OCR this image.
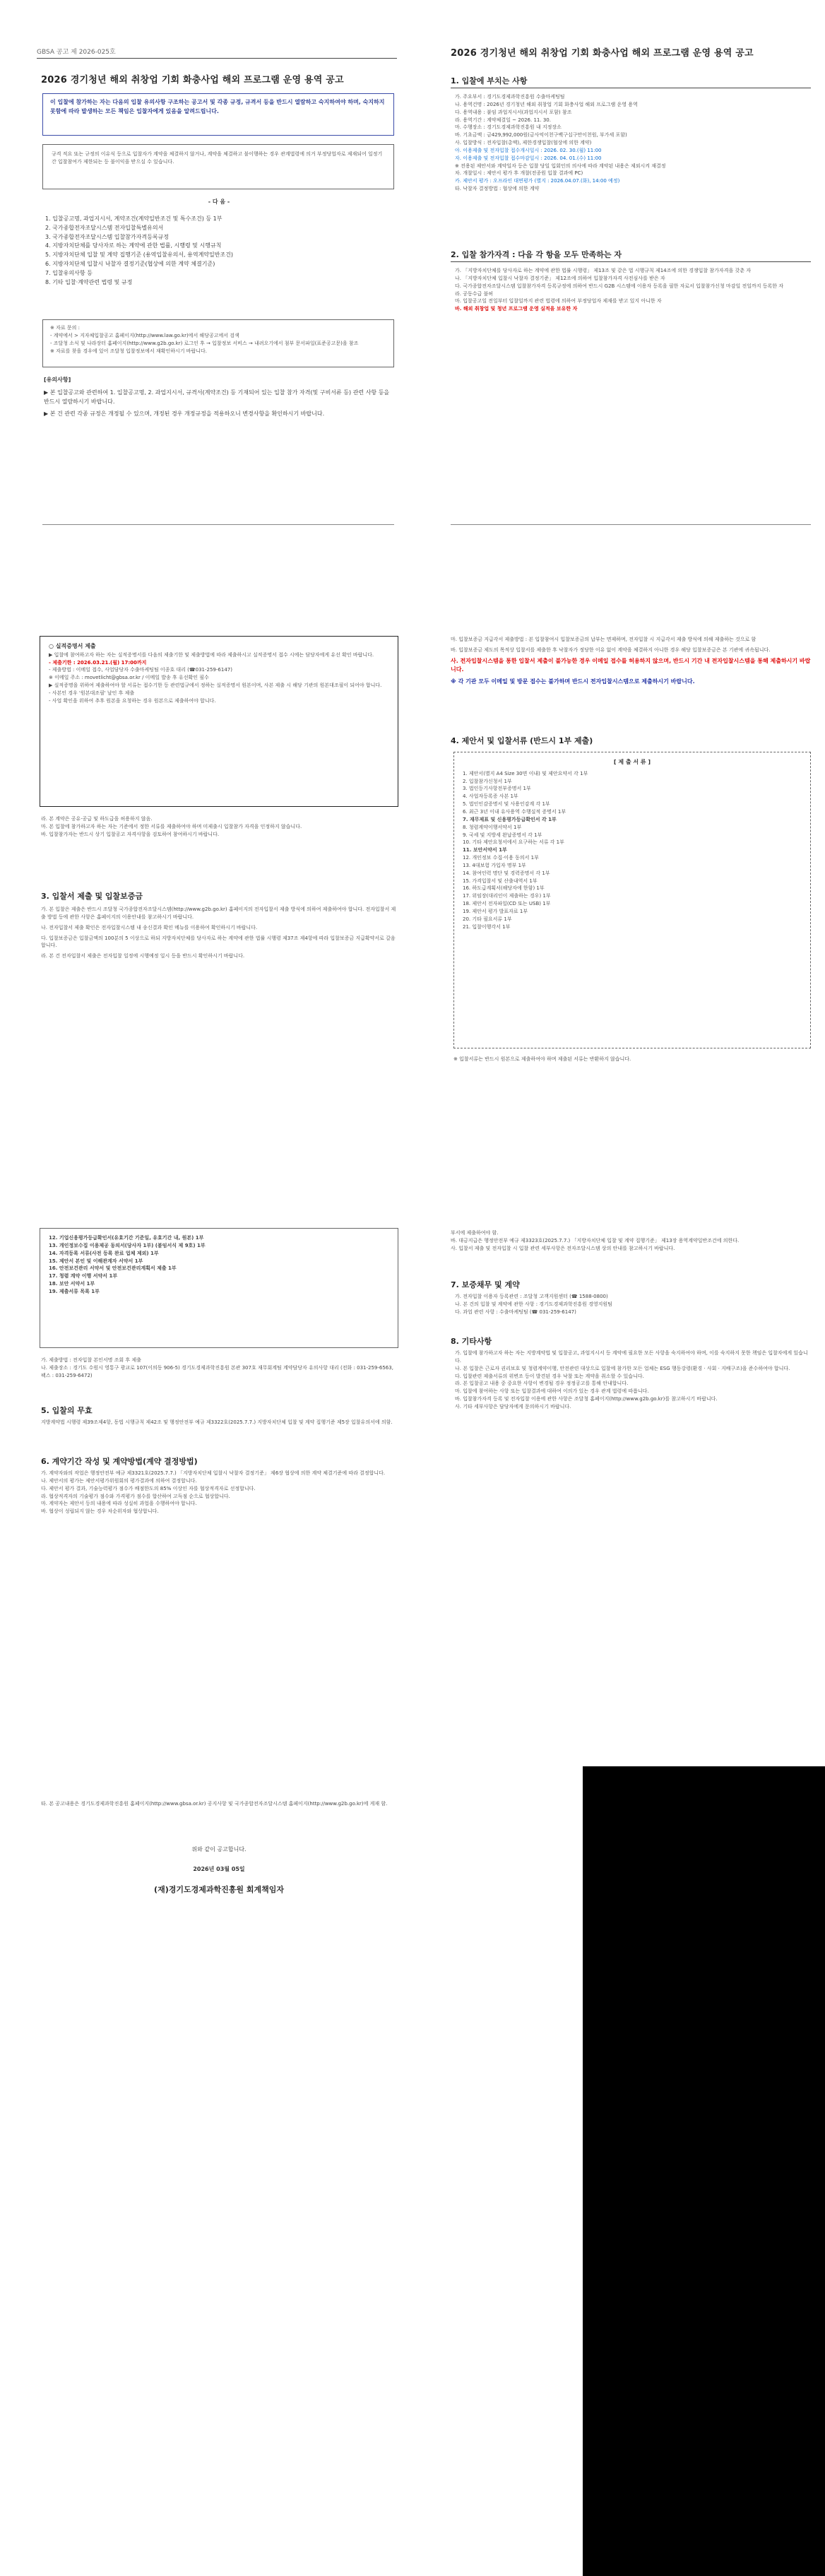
GBSA 공고 제 2026-025호
2026 경기청년 해외 취창업 기회 화충사업 해외 프로그램 운영 용역 공고
이 입찰에 참가하는 자는 다음의 입찰 유의사항 구조하는 공고서 및 각종 규정, 규격서 등을 반드시 열람하고 숙지하여야 하며, 숙지하지 못함에 따라 발생하는 모든 책임은 입찰자에게 있음을 알려드립니다.
규격 적요 또는 규정의 이유식 등으로 입찰자가 계약을 체결하지 않거나, 계약을 체결하고 불이행하는 경우 관계법령에 의거 부정당업자로 제재되어 일정기간 입찰참여가 제한되는 등 불이익을 받으실 수 있습니다.
- 다 음 -
1. 입찰공고명, 과업지시서, 계약조건(계약일반조건 및 특수조건) 등 1부
2. 국가종합전자조달시스템 전자입찰특별유의서
3. 국가종합전자조달시스템 입찰참가자격등록규정
4. 지방자치단체를 당사자로 하는 계약에 관한 법률, 시행령 및 시행규칙
5. 지방자치단체 입찰 및 계약 집행기준 (용역입찰유의서, 용역계약일반조건)
6. 지방자치단체 입찰시 낙찰자 결정기준(협상에 의한 계약 체결기준)
7. 입찰유의사항 등
8. 기타 입찰·계약관련 법령 및 규정
※ 자료 문의 :
- 계약에서 > 지자체입찰공고 홈페이지(http://www.law.go.kr)에서 해당공고에서 검색
- 조달청 소식 및 나라장터 홈페이지(http://www.g2b.go.kr) 로그인 후 → 입찰정보 서비스 → 내려오기에서 첨부 문서파일(표준공고문)을 참조
※ 자료를 찾을 경우에 있어 조달청 입찰정보에서 재확인하시기 바랍니다.
[유의사항]
▶ 본 입찰공고와 관련하여 1. 입찰공고명, 2. 과업지시서, 규격서(계약조건) 등 기재되어 있는 입찰 참가 자격(및 구비서류 등) 관련 사항 등을 반드시 열람하시기 바랍니다.
▶ 본 건 관련 각종 규정은 개정될 수 있으며, 개정된 경우 개정규정을 적용하오니 변경사항을 확인하시기 바랍니다.
2026 경기청년 해외 취창업 기회 화충사업 해외 프로그램 운영 용역 공고
1. 입찰에 부치는 사항
가. 주요부서 : 경기도경제과학진흥원 수출마케팅팀
나. 용역건명 : 2026년 경기청년 해외 취창업 기회 화충사업 해외 프로그램 운영 용역
다. 용역내용 : 붙임 과업지시서(과업지시서 포함) 참조
라. 용역기간 : 계약체결일 ~ 2026. 11. 30.
마. 수행장소 : 경기도경제과학진흥원 내 지정장소
바. 기초금액 : 금429,992,000원(금사억이천구백구십구만이천원, 부가세 포함)
사. 입찰방식 : 전자입찰(총액), 제한경쟁입찰(협상에 의한 계약)
아. 이용제출 및 전자입찰 접수개시일시 : 2026. 02. 30.(월) 11:00
자. 이용제출 및 전자입찰 접수마감일시 : 2026. 04. 01.(수) 11:00
※ 전용된 제안서와 계약일자 등은 입찰 당일 입회인의 의사에 따라 계약된 내용은 제외시켜 재결정
차. 개찰일시 : 제안서 평가 후 개찰(전종원 입찰 결과에 PC)
카. 제안서 평가 : 오프라인 대면평가 (별지 : 2026.04.07.(화), 14:00 예정)
타. 낙찰자 결정방법 : 협상에 의한 계약
2. 입찰 참가자격 : 다음 각 항을 모두 만족하는 자
가. 「지방자치단체를 당사자로 하는 계약에 관한 법률 시행령」 제13조 및 같은 법 시행규칙 제14조에 의한 경쟁입찰 참가자격을 갖춘 자
나. 「지방자치단체 입찰시 낙찰자 결정기준」 제12조에 의하여 입찰참가자격 사전심사를 받은 자
다. 국가종합전자조달시스템 입찰참가자격 등록규정에 의하여 반드시 G2B 시스템에 이용자 등록을 필한 자로서 입찰참가신청 마감일 전일까지 등록한 자
라. 공동수급 불허
마. 입찰공고일 전일부터 입찰일까지 관련 법령에 의하여 부정당업자 제재를 받고 있지 아니한 자
바. 해외 취창업 및 청년 프로그램 운영 실적을 보유한 자
○ 실적증명서 제출
▶ 입찰에 참여하고자 하는 자는 실적증명서를 다음의 제출기한 및 제출방법에 따라 제출하시고 실적증명서 접수 시에는 담당자에게 유선 확인 바랍니다.
- 제출기한 : 2026.03.21.(월) 17:00까지
- 제출방법 : 이메일 접수, 사업담당자 수출마케팅팀 이종호 대리 (☎031-259-6147)
※ 이메일 주소 : movetlicht@gbsa.or.kr / 이메일 발송 후 유선확인 필수
▶ 실적증명을 위하여 제출하여야 할 서류는 접수기한 등 관련법규에서 정하는 실적증명서 원본이며, 사본 제출 시 해당 기관의 원본대조필이 되어야 합니다.
- 사본인 경우 '원본대조필' 날인 후 제출
- 사업 확인을 위하여 추후 원본을 요청하는 경우 원본으로 제출하여야 합니다.
라. 본 계약은 공유·공급 및 하도급을 허용하지 않음.
마. 본 입찰에 참가하고자 하는 자는 기준에서 정한 서류를 제출하여야 하며 미제출시 입찰참가 자격을 인정하지 않습니다.
바. 입찰참가자는 반드시 상기 입찰공고 자격사항을 검토하여 참여하시기 바랍니다.
3. 입찰서 제출 및 입찰보증금
가. 본 입찰은 제출은 반드시 조달청 국가종합전자조달시스템(http://www.g2b.go.kr) 홈페이지의 전자입찰서 제출 방식에 의하여 제출하여야 합니다. 전자입찰서 제출 방법 등에 관한 사항은 홈페이지의 이용안내를 참고하시기 바랍니다.
나. 전자입찰서 제출 확인은 전자입찰시스템 내 송신결과 확인 메뉴를 이용하여 확인하시기 바랍니다.
다. 입찰보증금은 입찰금액의 100분의 5 이상으로 하되 지방자치단체를 당사자로 하는 계약에 관한 법률 시행령 제37조 제4항에 따라 입찰보증금 지급확약서로 갈음합니다.
라. 본 건 전자입찰서 제출은 전자입찰 일정에 시행예정 일시 등을 반드시 확인하시기 바랍니다.
마. 입찰보증금 지급각서 제출방법 : 본 입찰참여시 입찰보증금의 납부는 면제하며, 전자입찰 시 지급각서 제출 방식에 의해 제출하는 것으로 함
바. 입찰보증금 제도의 목적상 입찰서를 제출한 후 낙찰자가 정당한 이유 없이 계약을 체결하지 아니한 경우 해당 입찰보증금은 본 기관에 귀속됩니다.
사. 전자입찰시스템을 통한 입찰서 제출이 불가능한 경우 이메일 접수를 허용하지 않으며, 반드시 기간 내 전자입찰시스템을 통해 제출하시기 바랍니다.
※ 각 기관 모두 이메일 및 방문 접수는 불가하며 반드시 전자입찰시스템으로 제출하시기 바랍니다.
4. 제안서 및 입찰서류 (반드시 1부 제출)
[ 제 출 서 류 ]
1. 제안서(별지 A4 Size 30면 이내) 및 제안요약서 각 1부
2. 입찰참가신청서 1부
3. 법인등기사항전부증명서 1부
4. 사업자등록증 사본 1부
5. 법인인감증명서 및 사용인감계 각 1부
6. 최근 3년 이내 유사용역 수행실적 증명서 1부
7. 재무제표 및 신용평가등급확인서 각 1부
8. 청렴계약이행서약서 1부
9. 국세 및 지방세 완납증명서 각 1부
10. 기타 제안요청서에서 요구하는 서류 각 1부
11. 보안서약서 1부
12. 개인정보 수집·이용 동의서 1부
13. 4대보험 가입자 명부 1부
14. 참여인력 명단 및 경력증명서 각 1부
15. 가격입찰서 및 산출내역서 1부
16. 하도급계획서(해당자에 한함) 1부
17. 위임장(대리인이 제출하는 경우) 1부
18. 제안서 전자파일(CD 또는 USB) 1부
19. 제안서 평가 발표자료 1부
20. 기타 필요서류 1부
21. 입찰이행각서 1부
※ 입찰서류는 반드시 원본으로 제출하여야 하며 제출된 서류는 반환하지 않습니다.
12. 기업신용평가등급확인서(유효기간 기준일, 유효기간 내, 원본) 1부
13. 개인정보수집 이용제공 동의서(당사자 1부) (붙임서식 제 9호) 1부
14. 자격등록 서류(사전 등록 완료 업체 제외) 1부
15. 제안서 본인 및 이해관계자 서약서 1부
16. 안전보건관리 서약서 및 안전보건관리계획서 제출 1부
17. 청렴 계약 이행 서약서 1부
18. 보안 서약서 1부
19. 제출서류 목록 1부
가. 제출방법 : 전자입찰 본인서명 조회 후 제출
나. 제출장소 : 경기도 수원시 영통구 광교로 107(이의동 906-5) 경기도경제과학진흥원 본관 307호 재무회계팀 계약담당자 유의사항 대리 (전화 : 031-259-6563, 팩스 : 031-259-6472)
5. 입찰의 무효
지방계약법 시행령 제39조제4항, 동법 시행규칙 제42조 및 행정안전부 예규 제3322호(2025.7.7.) 지방자치단체 입찰 및 계약 집행기준 제5장 입찰유의서에 의함.
6. 계약기간 작성 및 계약방법(계약 결정방법)
가. 계약자와의 작업은 행정안전부 예규 제3321호(2025.7.7.) 「지방자치단체 입찰시 낙찰자 결정기준」 제6장 협상에 의한 계약 체결기준에 따라 결정합니다.
나. 제안서의 평가는 제안서평가위원회의 평가결과에 의하여 결정합니다.
다. 제안서 평가 결과, 기술능력평가 점수가 배점한도의 85% 이상인 자를 협상적격자로 선정합니다.
라. 협상적격자의 기술평가 점수와 가격평가 점수를 합산하여 고득점 순으로 협상합니다.
마. 계약자는 제안서 등의 내용에 따라 성실히 과업을 수행하여야 합니다.
바. 협상이 성립되지 않는 경우 차순위자와 협상합니다.
부서에 제출하여야 함.
바. 대금지급은 행정안전부 예규 제3323호(2025.7.7.) 「지방자치단체 입찰 및 계약 집행기준」 제13장 용역계약일반조건에 의한다.
사. 입찰서 제출 및 전자입찰 시 입찰 관련 세부사항은 전자조달시스템 상의 안내를 참고하시기 바랍니다.
7. 보증채무 및 계약
가. 전자입찰 이용자 등록관련 : 조달청 고객지원센터 (☎ 1588-0800)
나. 본 건의 입찰 및 계약에 관한 사항 : 경기도경제과학진흥원 경영지원팀
다. 과업 관련 사항 : 수출마케팅팀 (☎ 031-259-6147)
8. 기타사항
가. 입찰에 참가하고자 하는 자는 지방계약법 및 입찰공고, 과업지시서 등 계약에 필요한 모든 사항을 숙지하여야 하며, 이를 숙지하지 못한 책임은 입찰자에게 있습니다.
나. 본 입찰은 근로자 권리보호 및 청렴계약이행, 안전관련 대상으로 입찰에 참가한 모든 업체는 ESG 행동강령(환경 · 사회 · 지배구조)을 준수하여야 합니다.
다. 입찰관련 제출서류의 위변조 등이 발견된 경우 낙찰 또는 계약을 취소할 수 있습니다.
라. 본 입찰공고 내용 중 중요한 사항이 변경될 경우 정정공고를 통해 안내합니다.
마. 입찰에 참여하는 사항 또는 입찰결과에 대하여 이의가 있는 경우 관계 법령에 따릅니다.
바. 입찰참가자격 등록 및 전자입찰 이용에 관한 사항은 조달청 홈페이지(http://www.g2b.go.kr)를 참고하시기 바랍니다.
사. 기타 세부사항은 담당자에게 문의하시기 바랍니다.
타. 본 공고내용은 경기도경제과학진흥원 홈페이지(http://www.gbsa.or.kr) 공지사항 및 국가종합전자조달시스템 홈페이지(http://www.g2b.go.kr)에 게재 함.
위와 같이 공고합니다.
2026년 03월 05일
(재)경기도경제과학진흥원 회계책임자
